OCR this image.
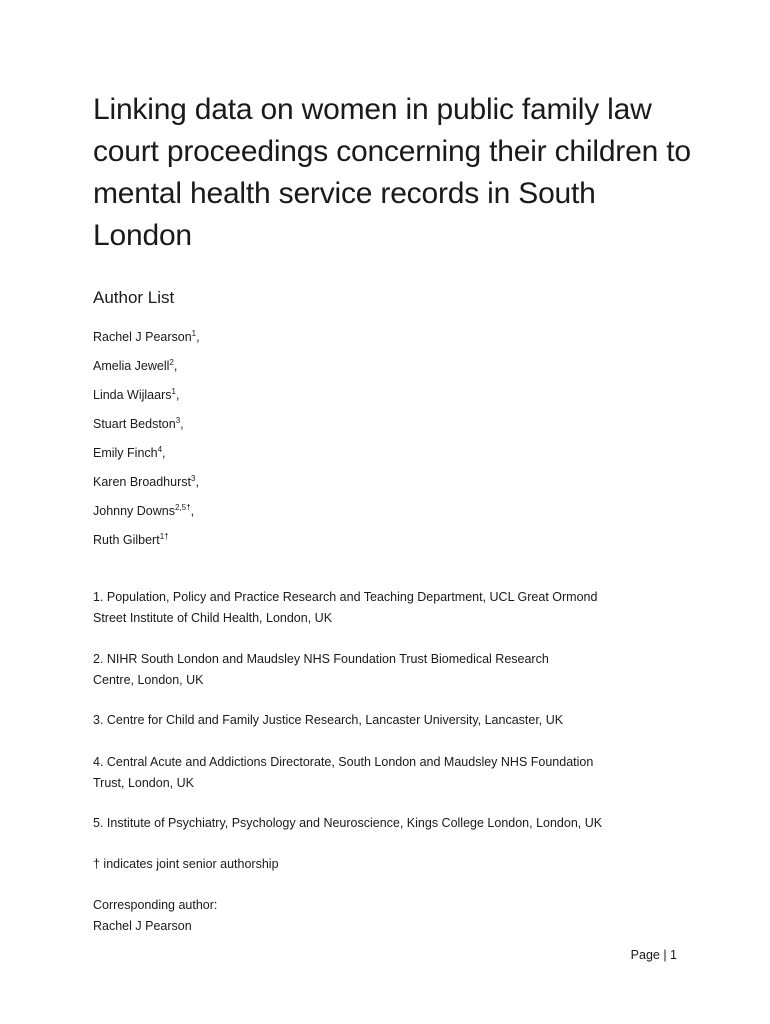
Linking data on women in public family law court proceedings concerning their children to mental health service records in South London
Author List
Rachel J Pearson$^1$,
Amelia Jewell$^2$,
Linda Wijlaars$^1$,
Stuart Bedston$^3$,
Emily Finch$^4$,
Karen Broadhurst$^3$,
Johnny Downs$^{2,5\dagger}$,
Ruth Gilbert$^{1\dagger}$

1. Population, Policy and Practice Research and Teaching Department, UCL Great Ormond
Street Institute of Child Health, London, UK

2. NIHR South London and Maudsley NHS Foundation Trust Biomedical Research
Centre, London, UK

3. Centre for Child and Family Justice Research, Lancaster University, Lancaster, UK

4. Central Acute and Addictions Directorate, South London and Maudsley NHS Foundation
Trust, London, UK

5. Institute of Psychiatry, Psychology and Neuroscience, Kings College London, London, UK

† indicates joint senior authorship

Corresponding author:
Rachel J Pearson

Page | 1
